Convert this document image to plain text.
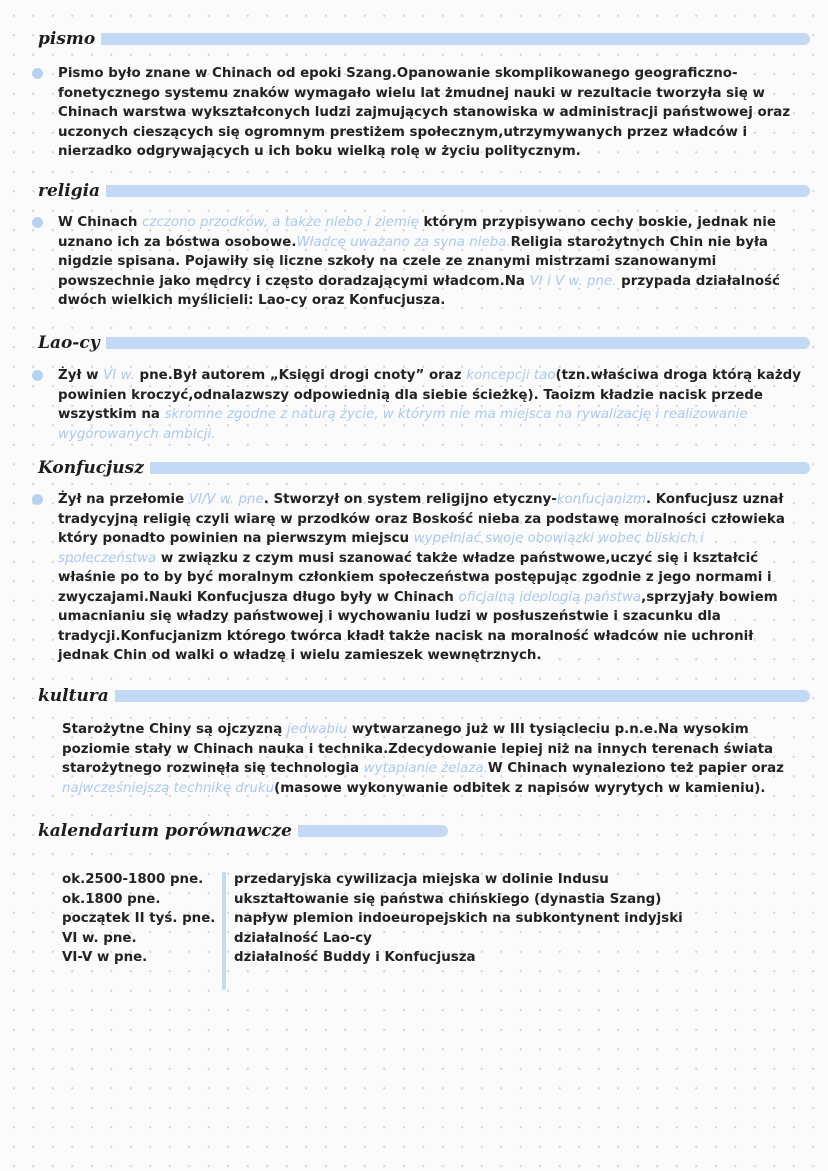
pismo
Pismo było znane w Chinach od epoki Szang.Opanowanie skomplikowanego geograficzno-fonetycznego systemu znaków wymagało wielu lat żmudnej nauki w rezultacie tworzyła się w Chinach warstwa wykształconych ludzi zajmujących stanowiska w administracji państwowej oraz uczonych cieszących się ogromnym prestiżem społecznym,utrzymywanych przez władców i nierzadko odgrywających u ich boku wielką rolę w życiu politycznym.
religia
W Chinach czczono przodków, a także niebo i ziemię którym przypisywano cechy boskie, jednak nie uznano ich za bóstwa osobowe.Władcę uważano za syna nieba.Religia starożytnych Chin nie była nigdzie spisana. Pojawiły się liczne szkoły na czele ze znanymi mistrzami szanowanymi powszechnie jako mędrcy i często doradzającymi władcom.Na VI i V w. pne. przypada działalność dwóch wielkich myślicieli: Lao-cy oraz Konfucjusza.
Lao-cy
Żył w VI w. pne.Był autorem „Księgi drogi cnoty” oraz koncepcji tao(tzn.właściwa droga którą każdy powinien kroczyć,odnalazwszy odpowiednią dla siebie ścieżkę). Taoizm kładzie nacisk przede wszystkim na skromne zgodne z naturą życie, w którym nie ma miejsca na rywalizację i realizowanie wygórowanych ambicji.
Konfucjusz
Żył na przełomie VI/V w. pne. Stworzył on system religijno etyczny-konfucjanizm. Konfucjusz uznał tradycyjną religię czyli wiarę w przodków oraz Boskość nieba za podstawę moralności człowieka który ponadto powinien na pierwszym miejscu wypełniać swoje obowiązki wobec bliskich i społeczeństwa w związku z czym musi szanować także władze państwowe,uczyć się i kształcić właśnie po to by być moralnym członkiem społeczeństwa postępując zgodnie z jego normami i zwyczajami.Nauki Konfucjusza długo były w Chinach oficjalną ideologią państwa,sprzyjały bowiem umacnianiu się władzy państwowej i wychowaniu ludzi w posłuszeństwie i szacunku dla tradycji.Konfucjanizm którego twórca kładł także nacisk na moralność władców nie uchronił jednak Chin od walki o władzę i wielu zamieszek wewnętrznych.
kultura
Starożytne Chiny są ojczyzną jedwabiu wytwarzanego już w III tysiącleciu p.n.e.Na wysokim poziomie stały w Chinach nauka i technika.Zdecydowanie lepiej niż na innych terenach świata starożytnego rozwinęła się technologia wytapianie żelaza.W Chinach wynaleziono też papier oraz najwcześniejszą technikę druku(masowe wykonywanie odbitek z napisów wyrytych w kamieniu).
kalendarium porównawcze
ok.2500-1800 pne.
ok.1800 pne.
początek II tyś. pne.
VI w. pne.
VI-V w pne.
przedaryjska cywilizacja miejska w dolinie Indusu
ukształtowanie się państwa chińskiego (dynastia Szang)
napływ plemion indoeuropejskich na subkontynent indyjski
działalność Lao-cy
działalność Buddy i Konfucjusza
